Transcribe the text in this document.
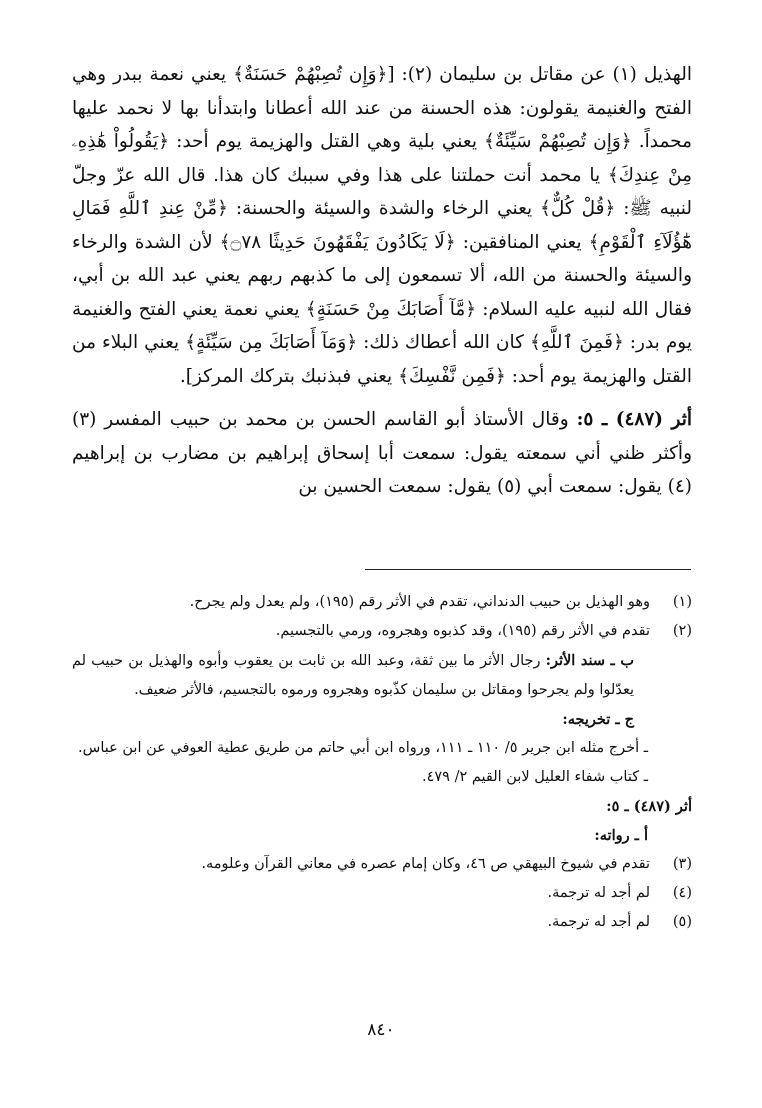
الهذيل (١) عن مقاتل بن سليمان (٢): [﴿وَإِن تُصِبْهُمْ حَسَنَةٌ﴾ يعني نعمة ببدر وهي الفتح والغنيمة يقولون: هذه الحسنة من عند الله أعطانا وابتدأنا بها لا نحمد عليها محمداً. ﴿وَإِن تُصِبْهُمْ سَيِّئَةٌ﴾ يعني بلية وهي القتل والهزيمة يوم أحد: ﴿يَقُولُواْ هَٰذِهِۦ مِنْ عِندِكَ﴾ يا محمد أنت حملتنا على هذا وفي سببك كان هذا. قال الله عزّ وجلّ لنبيه ﷺ: ﴿قُلْ كُلٌّ﴾ يعني الرخاء والشدة والسيئة والحسنة: ﴿مِّنْ عِندِ ٱللَّهِ فَمَالِ هَٰٓؤُلَآءِ ٱلْقَوْمِ﴾ يعني المنافقين: ﴿لَا يَكَادُونَ يَفْقَهُونَ حَدِيثًا ۝٧٨﴾ لأن الشدة والرخاء والسيئة والحسنة من الله، ألا تسمعون إلى ما كذبهم ربهم يعني عبد الله بن أبي، فقال الله لنبيه عليه السلام: ﴿مَّآ أَصَابَكَ مِنْ حَسَنَةٍ﴾ يعني نعمة يعني الفتح والغنيمة يوم بدر: ﴿فَمِنَ ٱللَّهِ﴾ كان الله أعطاك ذلك: ﴿وَمَآ أَصَابَكَ مِن سَيِّئَةٍ﴾ يعني البلاء من القتل والهزيمة يوم أحد: ﴿فَمِن نَّفْسِكَ﴾ يعني فبذنبك بتركك المركز].

أثر (٤٨٧) ـ ٥: وقال الأستاذ أبو القاسم الحسن بن محمد بن حبيب المفسر (٣) وأكثر ظني أني سمعته يقول: سمعت أبا إسحاق إبراهيم بن مضارب بن إبراهيم (٤) يقول: سمعت أبي (٥) يقول: سمعت الحسين بن

(١)
وهو الهذيل بن حبيب الدنداني، تقدم في الأثر رقم (١٩٥)، ولم يعدل ولم يجرح.
(٢)
تقدم في الأثر رقم (١٩٥)، وقد كذبوه وهجروه، ورمي بالتجسيم.
ب ـ سند الأثر: رجال الأثر ما بين ثقة، وعبد الله بن ثابت بن يعقوب وأبوه والهذيل بن حبيب لم يعدّلوا ولم يجرحوا ومقاتل بن سليمان كذّبوه وهجروه ورموه بالتجسيم، فالأثر ضعيف.
ج ـ تخريجه:
ـ أخرج مثله ابن جرير ٥/ ١١٠ ـ ١١١، ورواه ابن أبي حاتم من طريق عطية العوفي عن ابن عباس.
ـ كتاب شفاء العليل لابن القيم ٢/ ٤٧٩.
أثر (٤٨٧) ـ ٥:
أ ـ رواته:
(٣)
تقدم في شيوخ البيهقي ص ٤٦، وكان إمام عصره في معاني القرآن وعلومه.
(٤)
لم أجد له ترجمة.
(٥)
لم أجد له ترجمة.
٨٤٠
